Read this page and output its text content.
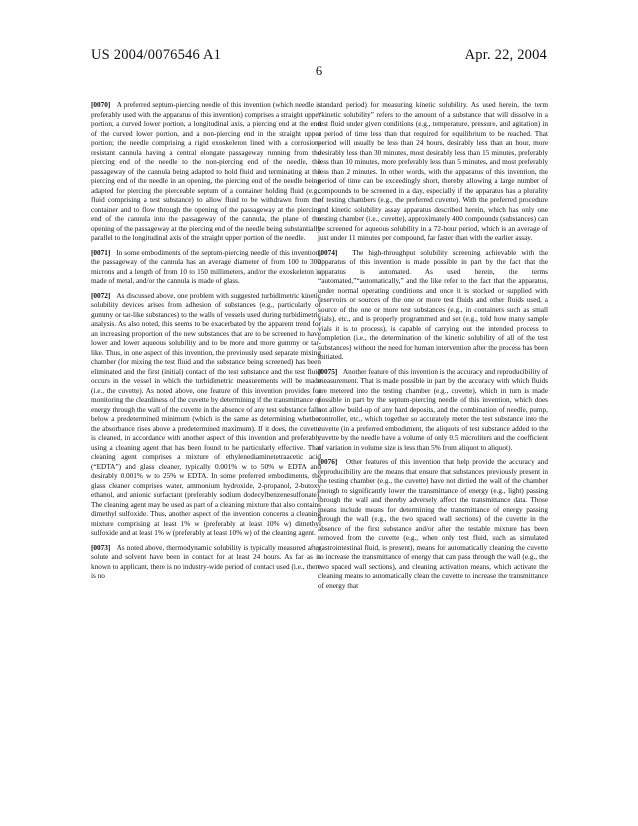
US 2004/0076546 A1	Apr. 22, 2004
6

[0070] A preferred septum-piercing needle of this invention (which needle is preferably used with the apparatus of this invention) comprises a straight upper portion, a curved lower portion, a longitudinal axis, a piercing end at the end of the curved lower portion, and a non-piercing end in the straight upper portion; the needle comprising a rigid exoskeleton lined with a corrosion-resistant cannula having a central elongate passageway running from the piercing end of the needle to the non-piercing end of the needle, the passageway of the cannula being adapted to hold fluid and terminating at the piercing end of the needle in an opening, the piercing end of the needle being adapted for piercing the pierceable septum of a container holding fluid (e.g., fluid comprising a test substance) to allow fluid to be withdrawn from the container and to flow through the opening of the passageway at the piercing end of the cannula into the passageway of the cannula, the plane of the opening of the passageway at the piercing end of the needle being substantially parallel to the longitudinal axis of the straight upper portion of the needle.

[0071] In some embodiments of the septum-piercing needle of this invention, the passageway of the cannula has an average diameter of from 100 to 300 microns and a length of from 10 to 150 millimeters, and/or the exoskeleton is made of metal, and/or the cannula is made of glass.

[0072] As discussed above, one problem with suggested turbidimetric kinetic solubility devices arises from adhesion of substances (e.g., particularly of gummy or tar-like substances) to the walls of vessels used during turbidimetric analysis. As also noted, this seems to be exacerbated by the apparent trend for an increasing proportion of the new substances that are to be screened to have lower and lower aqueous solubility and to be more and more gummy or tar-like. Thus, in one aspect of this invention, the previously used separate mixing chamber (for mixing the test fluid and the substance being screened) has been eliminated and the first (initial) contact of the test substance and the test fluid occurs in the vessel in which the turbidimetric measurements will be made (i.e., the cuvette). As noted above, one feature of this invention provides for monitoring the cleanliness of the cuvette by determining if the transmittance of energy through the wall of the cuvette in the absence of any test substance falls below a predetermined minimum (which is the same as determining whether the absorbance rises above a predetermined maximum). If it does, the cuvette is cleaned, in accordance with another aspect of this invention and preferably using a cleaning agent that has been found to be particularly effective. That cleaning agent comprises a mixture of ethylenediaminetetraacetic acid (“EDTA”) and glass cleaner, typically 0.001% w to 50% w EDTA and desirably 0.001% w to 25% w EDTA. In some preferred embodiments, the glass cleaner comprises water, ammonium hydroxide, 2-propanol, 2-butoxy ethanol, and anionic surfactant (preferably sodium dodecylbenzenesulfonate). The cleaning agent may be used as part of a cleaning mixture that also contains dimethyl sulfoxide. Thus, another aspect of the invention concerns a cleaning mixture comprising at least 1% w (preferably at least 10% w) dimethyl sulfoxide and at least 1% w (preferably at least 10% w) of the cleaning agent.

[0073] As noted above, thermodynamic solubility is typically measured after solute and solvent have been in contact for at least 24 hours. As far as is known to applicant, there is no industry-wide period of contact used (i.e., there is no

standard period) for measuring kinetic solubility. As used herein, the term “kinetic solubility” refers to the amount of a substance that will dissolve in a test fluid under given conditions (e.g., temperature, pressure, and agitation) in a period of time less than that required for equilibrium to be reached. That period will usually be less than 24 hours, desirably less than an hour, more desirably less than 30 minutes, most desirably less than 15 minutes, preferably less than 10 minutes, more preferably less than 5 minutes, and most preferably less than 2 minutes. In other words, with the apparatus of this invention, the period of time can be exceedingly short, thereby allowing a large number of compounds to be screened in a day, especially if the apparatus has a plurality of testing chambers (e.g., the preferred cuvette). With the preferred procedure and kinetic solubility assay apparatus described herein, which has only one testing chamber (i.e., cuvette), approximately 400 compounds (substances) can be screened for aqueous solubility in a 72-hour period, which is an average of just under 11 minutes per compound, far faster than with the earlier assay.

[0074] The high-throughput solubility screening achievable with the apparatus of this invention is made possible in part by the fact that the apparatus is automated. As used herein, the terms “automated,”“automatically,” and the like refer to the fact that the apparatus, under normal operating conditions and once it is stocked or supplied with reservoirs or sources of the one or more test fluids and other fluids used, a source of the one or more test substances (e.g., in containers such as small vials), etc., and is properly programmed and set (e.g., told how many sample vials it is to process), is capable of carrying out the intended process to completion (i.e., the determination of the kinetic solubility of all of the test substances) without the need for human intervention after the process has been initiated.

[0075] Another feature of this invention is the accuracy and reproducibility of measurement. That is made possible in part by the accuracy with which fluids are metered into the testing chamber (e.g., cuvette), which in turn is made possible in part by the septum-piercing needle of this invention, which does not allow build-up of any hard deposits, and the combination of needle, pump, controller, etc., which together so accurately meter the test substance into the cuvette (in a preferred embodiment, the aliquots of test substance added to the cuvette by the needle have a volume of only 0.5 microliters and the coefficient of variation in volume size is less than 5% from aliquot to aliquot).

[0076] Other features of this invention that help provide the accuracy and reproducibility are the means that ensure that substances previously present in the testing chamber (e.g., the cuvette) have not dirtied the wall of the chamber enough to significantly lower the transmittance of energy (e.g., light) passing through the wall and thereby adversely affect the transmittance data. Those means include means for determining the transmittance of energy passing through the wall (e.g., the two spaced wall sections) of the cuvette in the absence of the first substance and/or after the testable mixture has been removed from the cuvette (e.g., when only test fluid, such as simulated gastrointestinal fluid, is present), means for automatically cleaning the cuvette to increase the transmittance of energy that can pass through the wall (e.g., the two spaced wall sections), and cleaning activation means, which activate the cleaning means to automatically clean the cuvette to increase the transmittance of energy that
